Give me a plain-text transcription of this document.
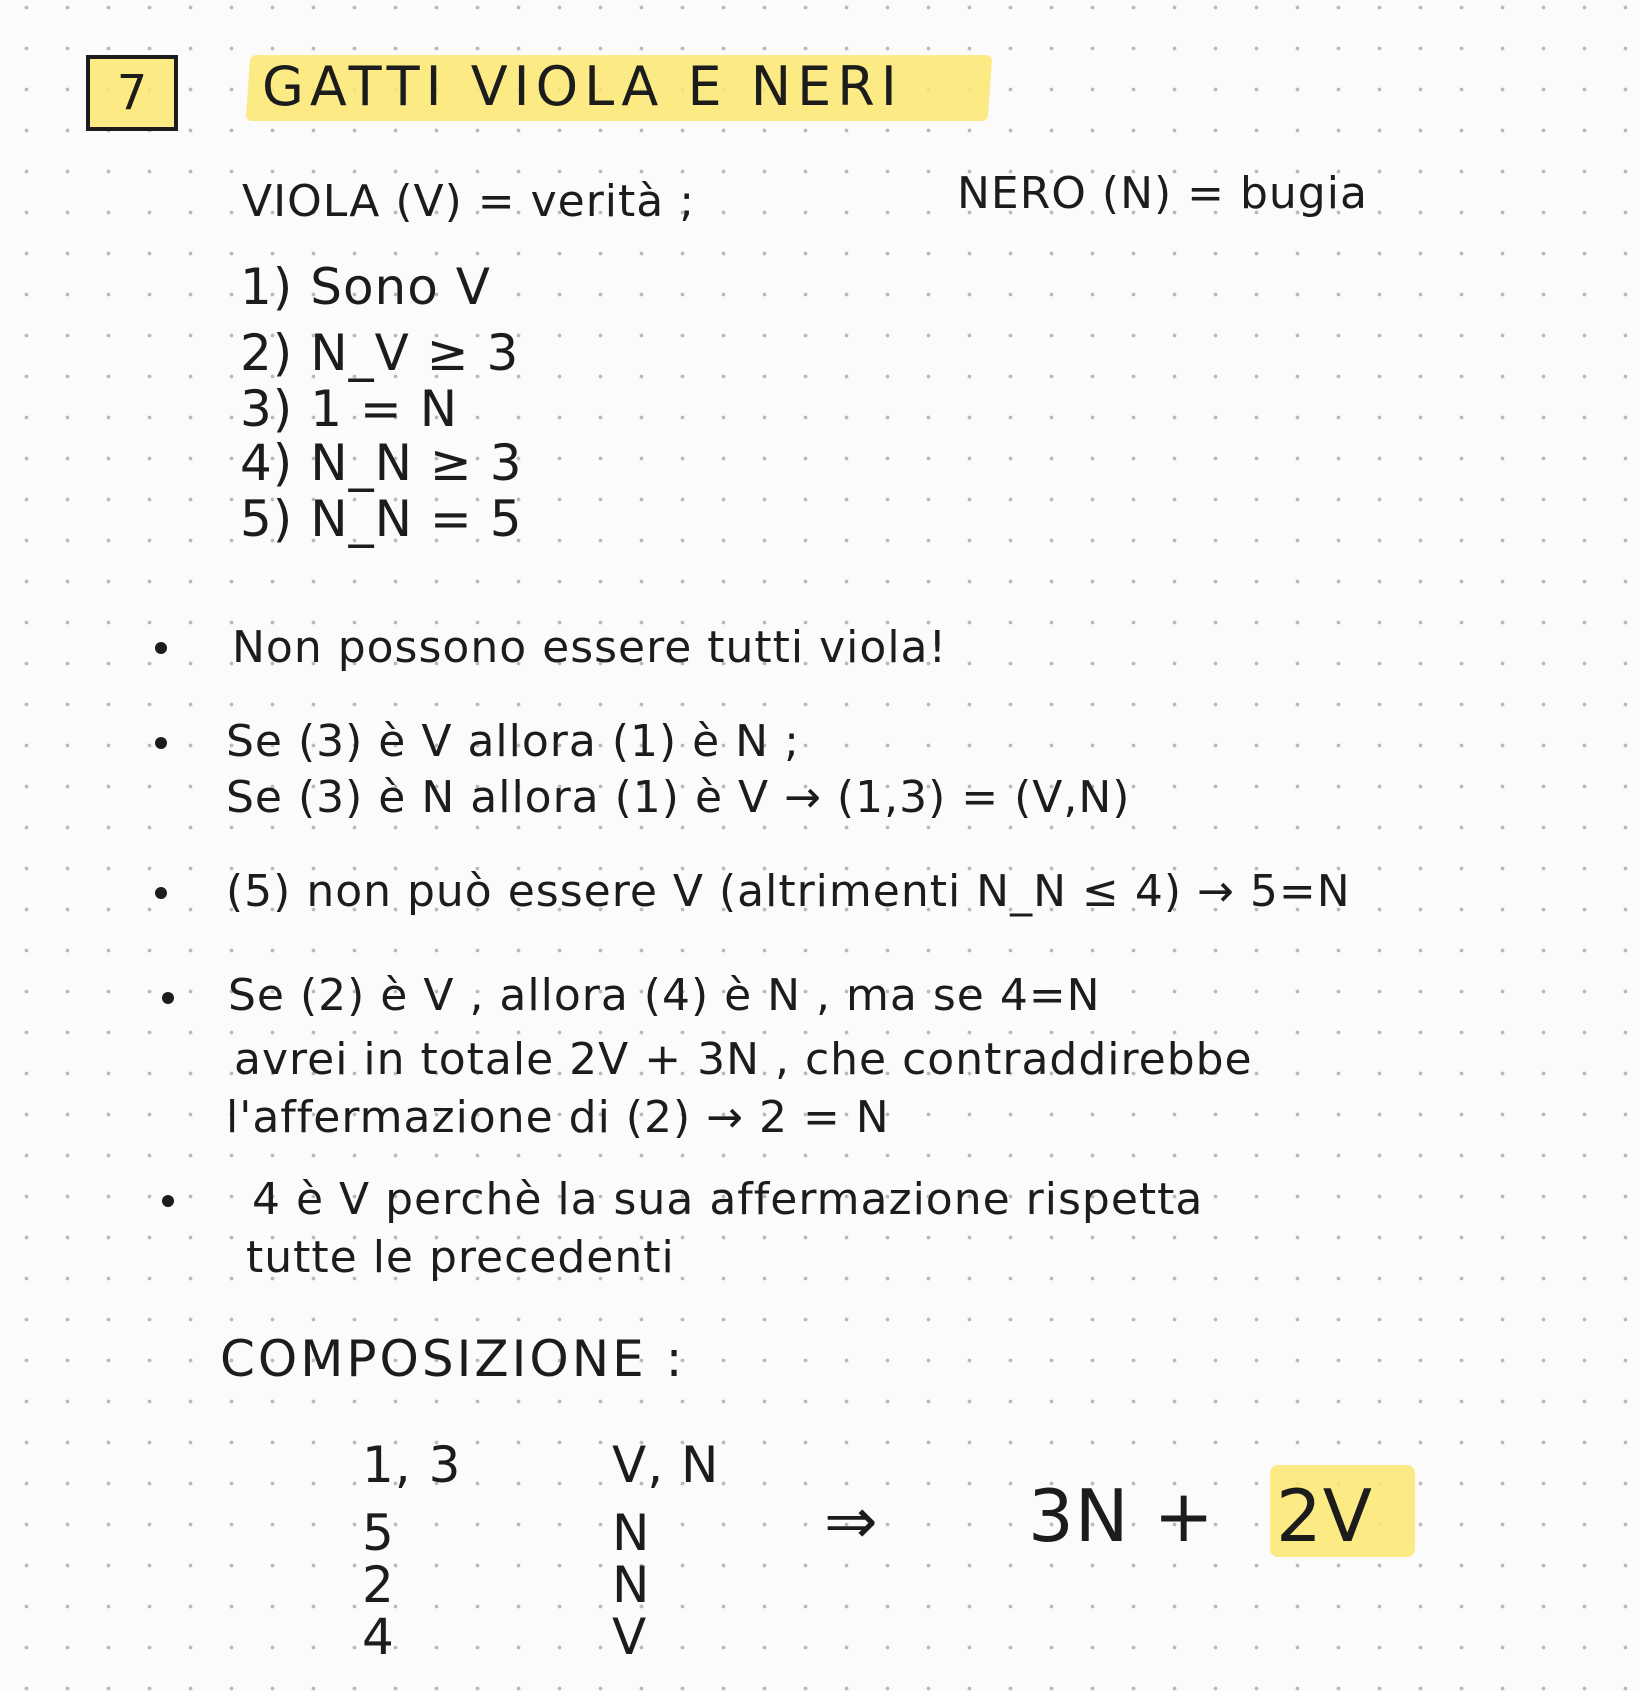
7 GATTI VIOLA E NERI
VIOLA (V) = verità ;	NERO (N) = bugia
1) Sono V
2) N_V ≥ 3
3) 1 = N
4) N_N ≥ 3
5) N_N = 5
Non possono essere tutti viola!
Se (3) è V allora (1) è N ;
Se (3) è N allora (1) è V → (1,3) = (V,N)
(5) non può essere V (altrimenti N_N ≤ 4) → 5=N
Se (2) è V , allora (4) è N , ma se 4=N
avrei in totale 2V + 3N , che contraddirebbe
l'affermazione di (2) → 2 = N
4 è V perchè la sua affermazione rispetta
tutte le precedenti
COMPOSIZIONE :
1, 3
5
2
4
V, N
N
N
V
⇒ 3N + 2V
